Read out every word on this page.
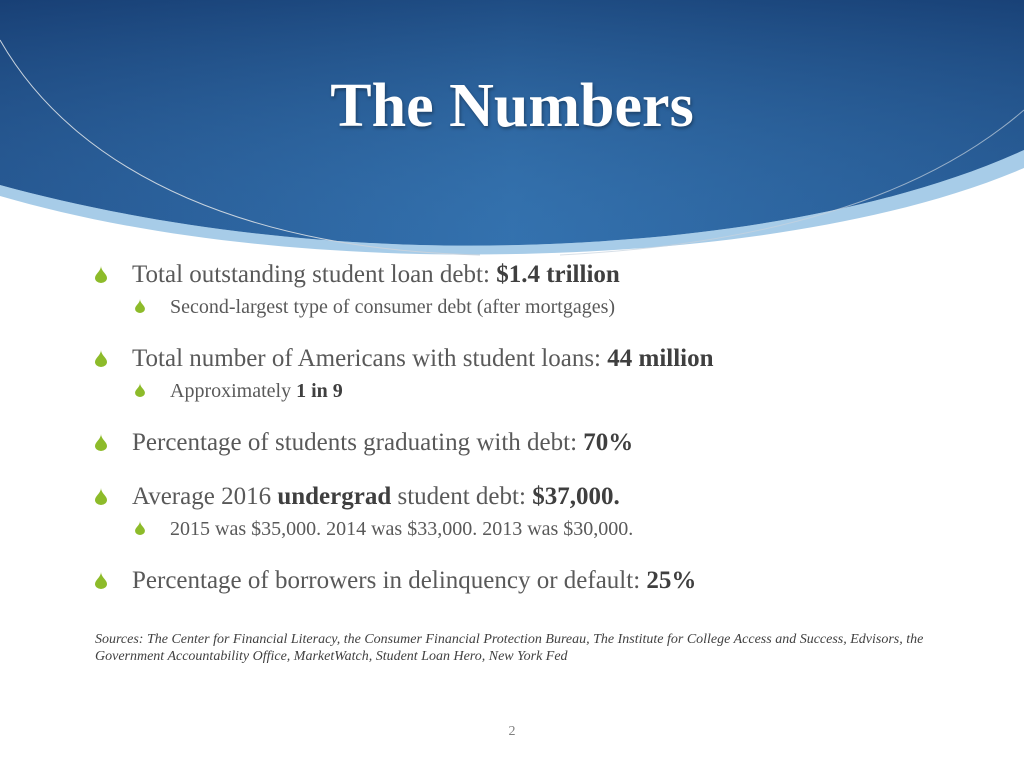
The Numbers
Total outstanding student loan debt: $1.4 trillion
Second-largest type of consumer debt (after mortgages)
Total number of Americans with student loans: 44 million
Approximately 1 in 9
Percentage of students graduating with debt: 70%
Average 2016 undergrad student debt: $37,000.
2015 was $35,000. 2014 was $33,000. 2013 was $30,000.
Percentage of borrowers in delinquency or default: 25%
Sources: The Center for Financial Literacy, the Consumer Financial Protection Bureau, The Institute for College Access and Success, Edvisors, the Government Accountability Office, MarketWatch, Student Loan Hero, New York Fed
2
